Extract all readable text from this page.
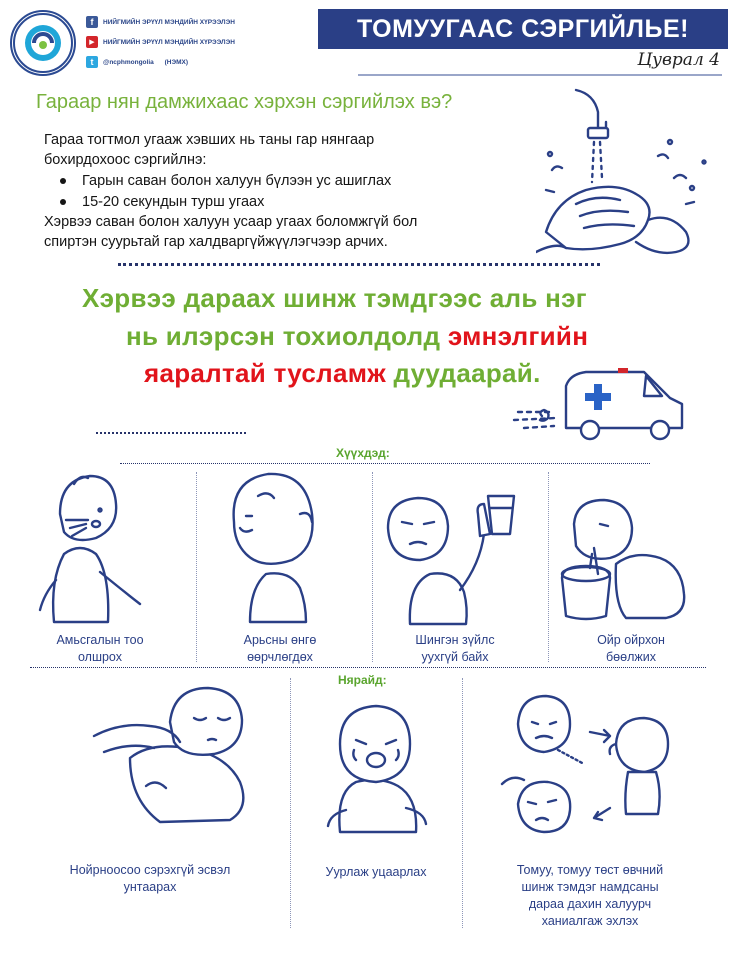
f	НИЙГМИЙН ЭРҮҮЛ МЭНДИЙН ХҮРЭЭЛЭН
▶	НИЙГМИЙН ЭРҮҮЛ МЭНДИЙН ХҮРЭЭЛЭН
t	@ncphmongolia      (НЭМХ)
ТОМУУГААС СЭРГИЙЛЬЕ!
Цуврал 4
Гараар нян дамжихаас хэрхэн сэргийлэх вэ?
Гараа тогтмол угааж хэвших нь таны гар нянгаар
бохирдохоос сэргийлнэ:
Гарын саван болон халуун бүлээн ус ашиглах
15-20 секундын турш угаах
Хэрвээ саван болон халуун усаар угаах боломжгүй бол
спиртэн суурьтай гар халдваргүйжүүлэгчээр арчих.
Хэрвээ дараах шинж тэмдгээс аль нэг
нь илэрсэн тохиолдолд эмнэлгийн
яаралтай тусламж дуудаарай.
Хүүхдэд:
Амьсгалын тоо
олшрох
Арьсны өнгө
өөрчлөгдөх
Шингэн зүйлс
уухгүй байх
Ойр ойрхон
бөөлжих
Нярайд:
Нойрноосоо сэрэхгүй эсвэл
унтаарах
Уурлаж уцаарлах	Томуу, томуу төст өвчний
шинж тэмдэг намдсаны
дараа дахин халуурч
ханиалгаж эхлэх
